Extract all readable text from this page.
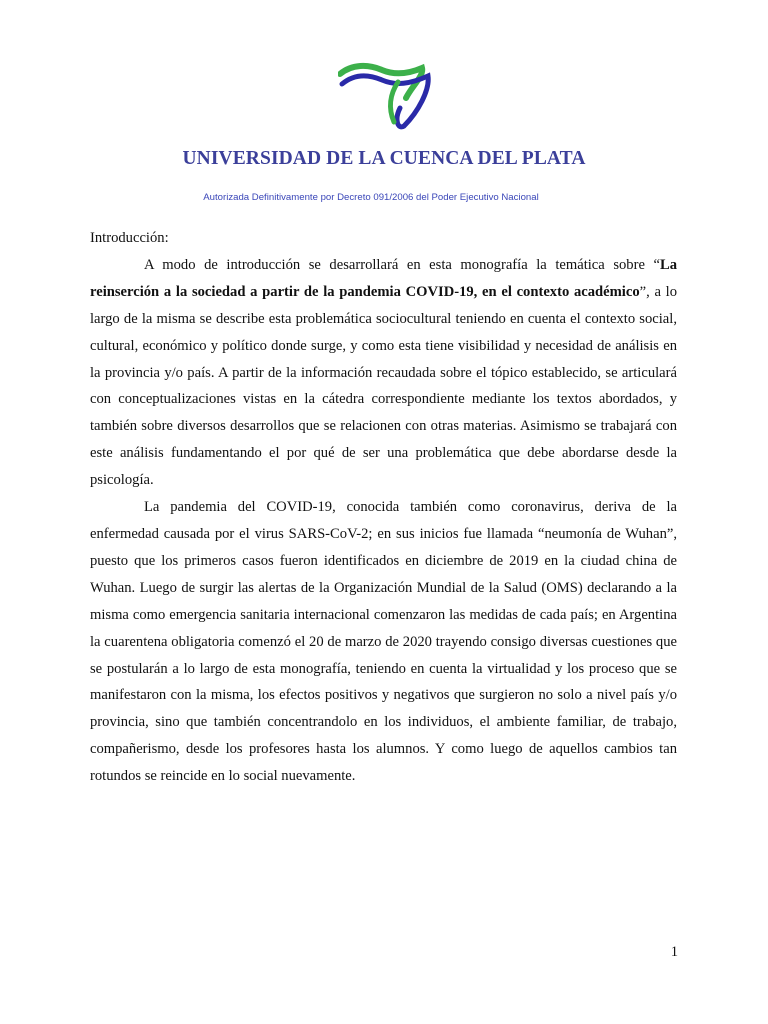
UNIVERSIDAD DE LA CUENCA DEL PLATA
Autorizada Definitivamente por Decreto 091/2006 del Poder Ejecutivo Nacional

Introducción:

A modo de introducción se desarrollará en esta monografía la temática sobre “La reinserción a la sociedad a partir de la pandemia COVID-19, en el contexto académico”, a lo largo de la misma se describe esta problemática sociocultural teniendo en cuenta el contexto social, cultural, económico y político donde surge, y como esta tiene visibilidad y necesidad de análisis en la provincia y/o país. A partir de la información recaudada sobre el tópico establecido, se articulará con conceptualizaciones vistas en la cátedra correspondiente mediante los textos abordados, y también sobre diversos desarrollos que se relacionen con otras materias. Asimismo se trabajará con este análisis fundamentando el por qué de ser una problemática que debe abordarse desde la psicología.

La pandemia del COVID-19, conocida también como coronavirus, deriva de la enfermedad causada por el virus SARS-CoV-2; en sus inicios fue llamada “neumonía de Wuhan”, puesto que los primeros casos fueron identificados en diciembre de 2019 en la ciudad china de Wuhan. Luego de surgir las alertas de la Organización Mundial de la Salud (OMS) declarando a la misma como emergencia sanitaria internacional comenzaron las medidas de cada país; en Argentina la cuarentena obligatoria comenzó el 20 de marzo de 2020 trayendo consigo diversas cuestiones que se postularán a lo largo de esta monografía, teniendo en cuenta la virtualidad y los proceso que se manifestaron con la misma, los efectos positivos y negativos que surgieron no solo a nivel país y/o provincia, sino que también concentrandolo en los individuos, el ambiente familiar, de trabajo, compañerismo, desde los profesores hasta los alumnos. Y como luego de aquellos cambios tan rotundos se reincide en lo social nuevamente.

1
